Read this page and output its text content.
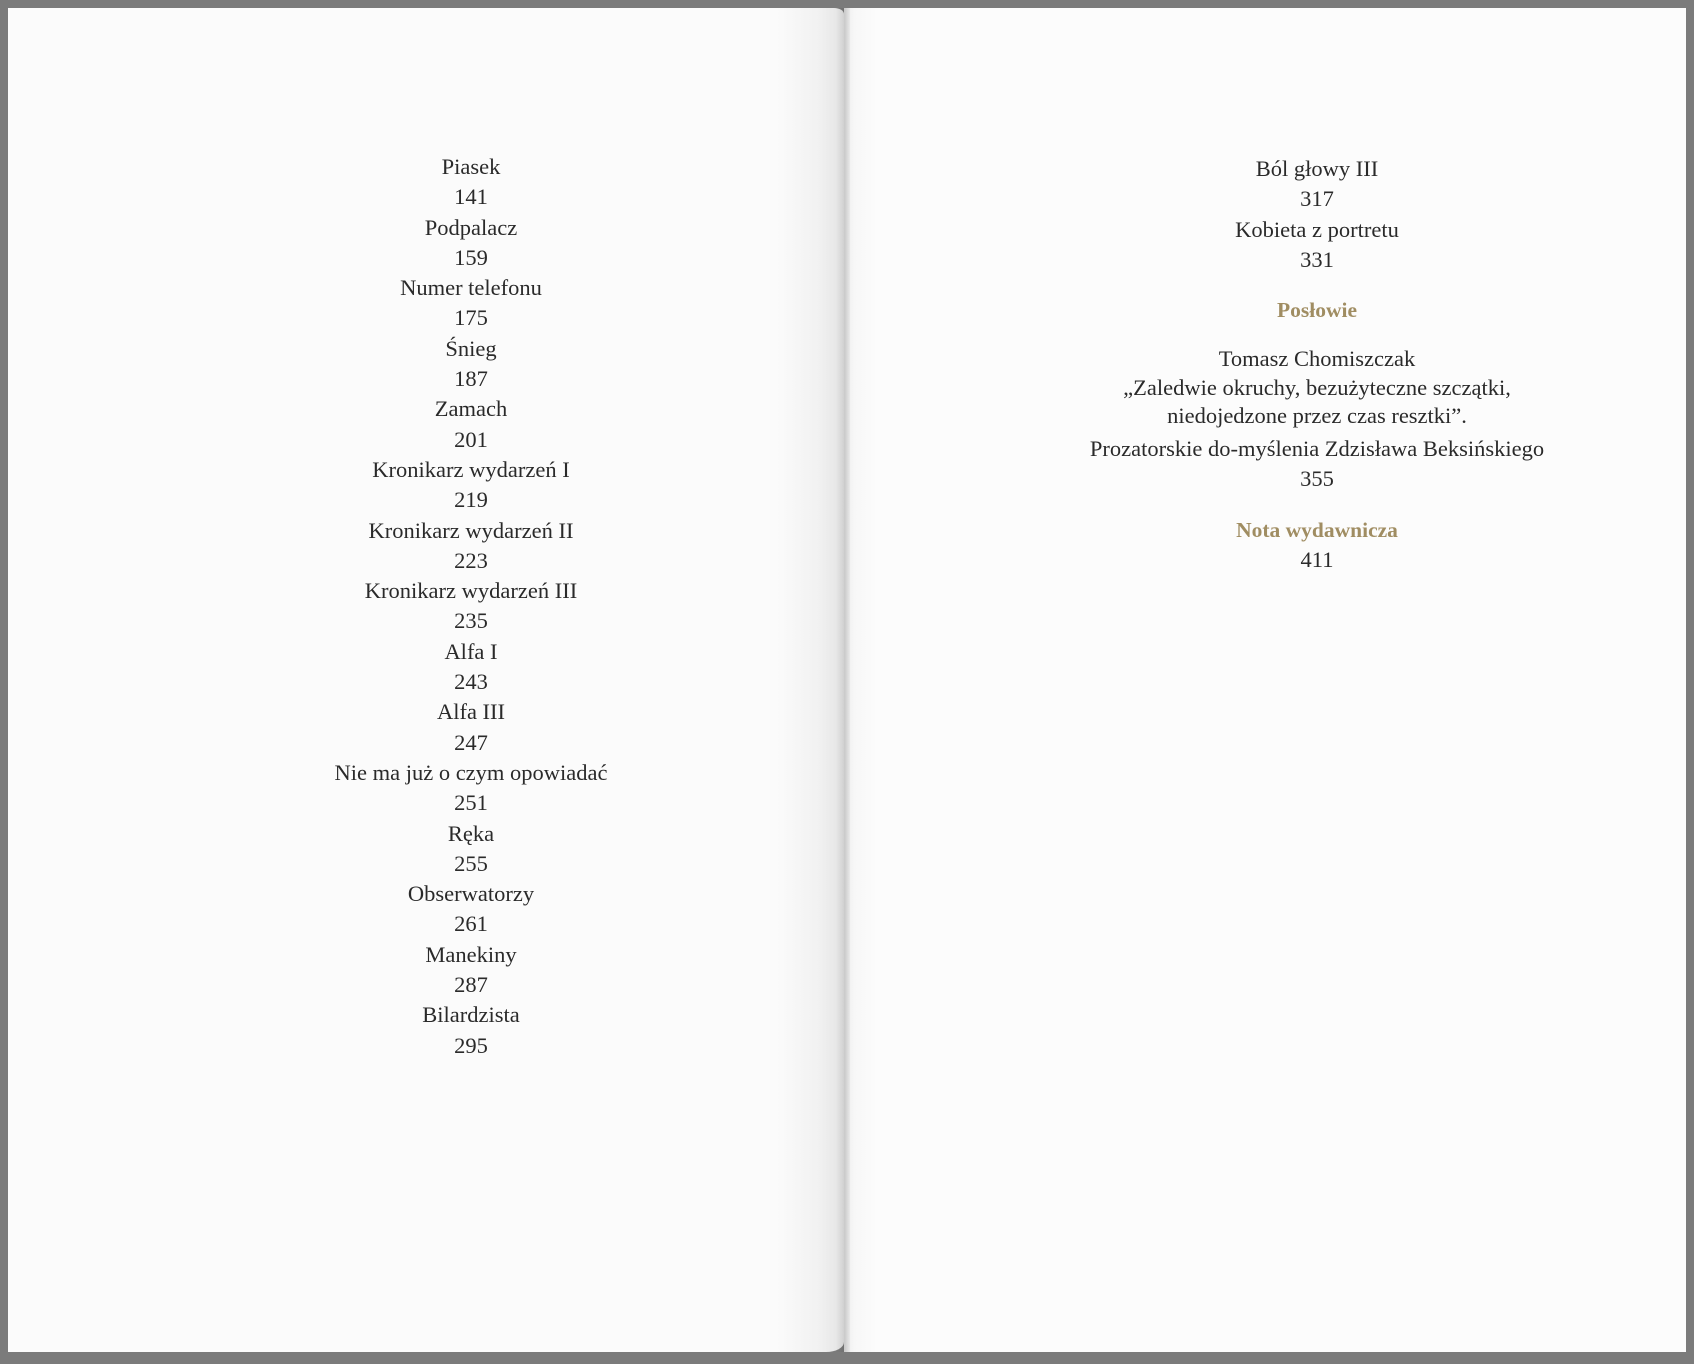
Piasek
141
Podpalacz
159
Numer telefonu
175
Śnieg
187
Zamach
201
Kronikarz wydarzeń I
219
Kronikarz wydarzeń II
223
Kronikarz wydarzeń III
235
Alfa I
243
Alfa III
247
Nie ma już o czym opowiadać
251
Ręka
255
Obserwatorzy
261
Manekiny
287
Bilardzista
295
Ból głowy III
317
Kobieta z portretu
331
Posłowie
Tomasz Chomiszczak
„Zaledwie okruchy, bezużyteczne szczątki,
niedojedzone przez czas resztki”.
Prozatorskie do-myślenia Zdzisława Beksińskiego
355
Nota wydawnicza
411
